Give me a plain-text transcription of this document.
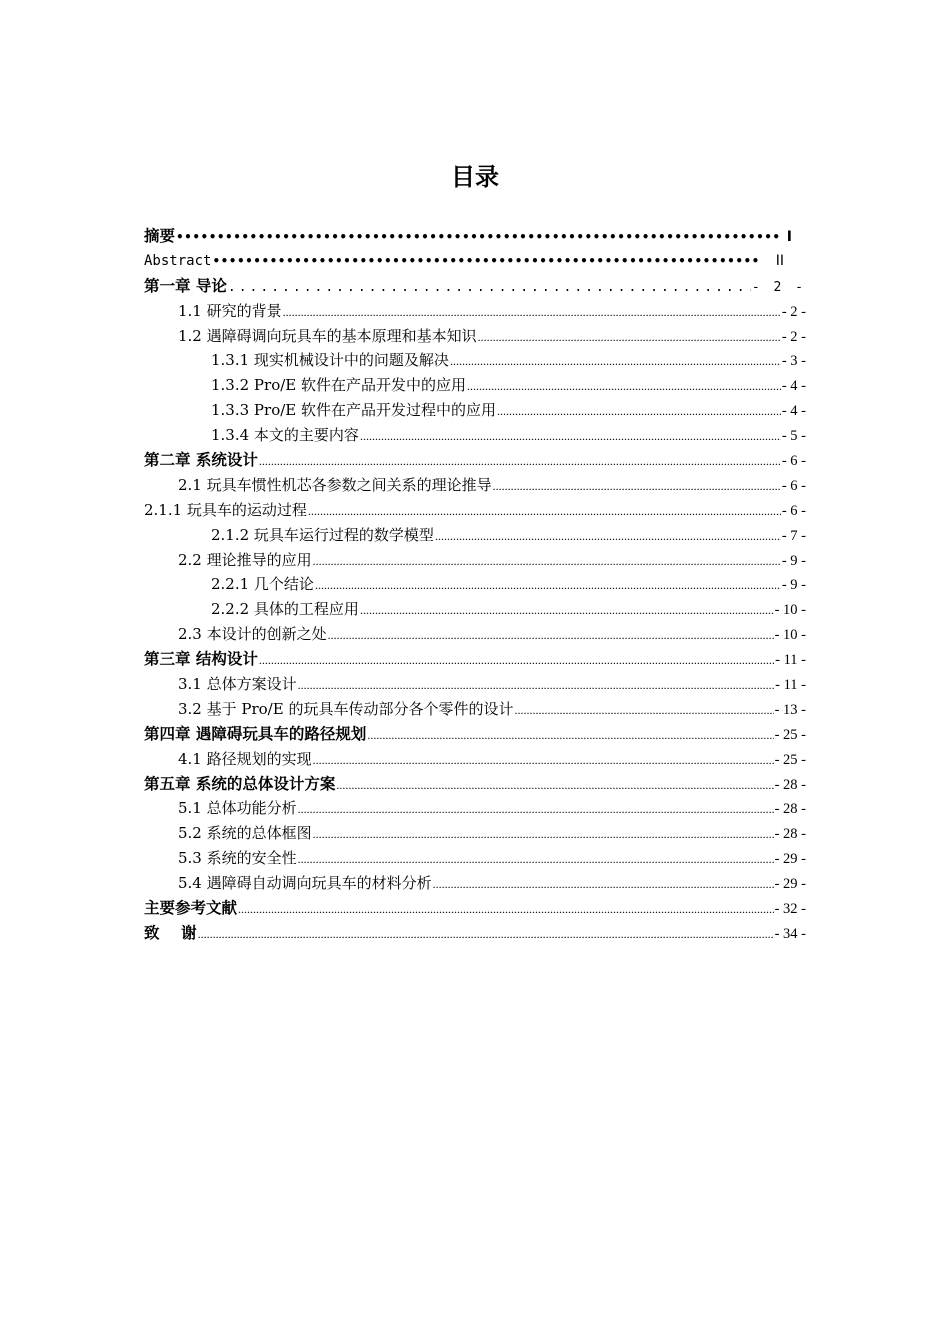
目录
摘要 •••••	I
Abstract •••••	II
第一章 导论 .....	- 2 -
1.1 研究的背景 .....	- 2 -
1.2 遇障碍调向玩具车的基本原理和基本知识 .....	- 2 -
1.3.1 现实机械设计中的问题及解决 .....	- 3 -
1.3.2 Pro/E 软件在产品开发中的应用 .....	- 4 -
1.3.3 Pro/E 软件在产品开发过程中的应用 .....	- 4 -
1.3.4 本文的主要内容 .....	- 5 -
第二章 系统设计 .....	- 6 -
2.1 玩具车惯性机芯各参数之间关系的理论推导 .....	- 6 -
2.1.1 玩具车的运动过程 .....	- 6 -
2.1.2 玩具车运行过程的数学模型 .....	- 7 -
2.2 理论推导的应用 .....	- 9 -
2.2.1 几个结论 .....	- 9 -
2.2.2 具体的工程应用 .....	- 10 -
2.3 本设计的创新之处 .....	- 10 -
第三章 结构设计 .....	- 11 -
3.1 总体方案设计 .....	- 11 -
3.2 基于 Pro/E 的玩具车传动部分各个零件的设计 .....	- 13 -
第四章 遇障碍玩具车的路径规划 .....	- 25 -
4.1 路径规划的实现 .....	- 25 -
第五章 系统的总体设计方案 .....	- 28 -
5.1 总体功能分析 .....	- 28 -
5.2 系统的总体框图 .....	- 28 -
5.3 系统的安全性 .....	- 29 -
5.4 遇障碍自动调向玩具车的材料分析 .....	- 29 -
主要参考文献 .....	- 32 -
致    谢 .....	- 34 -
